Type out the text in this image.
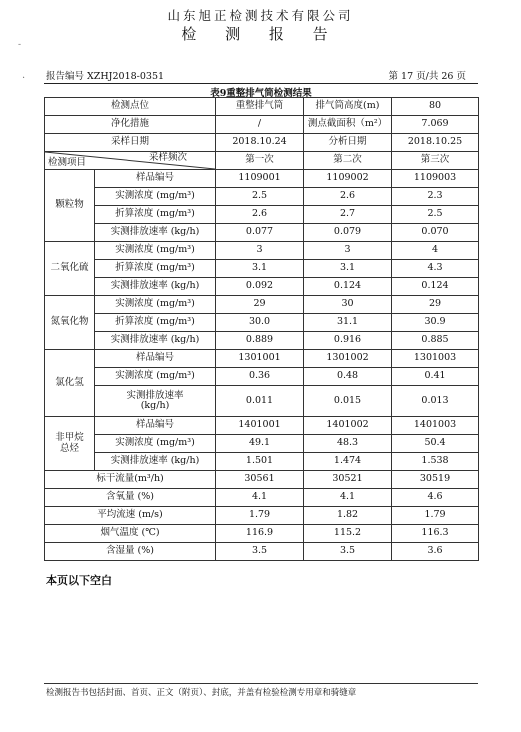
山东旭正检测技术有限公司
检 测 报 告
-
· 报告编号 XZHJ2018-0351	第 17 页/共 26 页
表9重整排气筒检测结果
检测点位		重整排气筒	排气筒高度(m)	80
净化措施		/	测点截面积（m²）	7.069
采样日期		2018.10.24	分析日期	2018.10.25

采样频次
检测项目		第一次	第二次	第三次
颗粒物	样品编号	1109001	1109002	1109003
	实测浓度 (mg/m³)	2.5	2.6	2.3
	折算浓度 (mg/m³)	2.6	2.7	2.5
	实测排放速率 (kg/h)	0.077	0.079	0.070
二氧化硫	实测浓度 (mg/m³)	3	3	4
	折算浓度 (mg/m³)	3.1	3.1	4.3
	实测排放速率 (kg/h)	0.092	0.124	0.124
氮氧化物	实测浓度 (mg/m³)	29	30	29
	折算浓度 (mg/m³)	30.0	31.1	30.9
	实测排放速率 (kg/h)	0.889	0.916	0.885
氯化氢	样品编号	1301001	1301002	1301003
	实测浓度 (mg/m³)	0.36	0.48	0.41
	实测排放速率
(kg/h)	0.011	0.015	0.013
非甲烷
总烃	样品编号	1401001	1401002	1401003
	实测浓度 (mg/m³)	49.1	48.3	50.4
	实测排放速率 (kg/h)	1.501	1.474	1.538
标干流量(m³/h)		30561	30521	30519
含氧量 (%)		4.1	4.1	4.6
平均流速 (m/s)		1.79	1.82	1.79
烟气温度 (℃)		116.9	115.2	116.3
含湿量 (%)		3.5	3.5	3.6
本页以下空白
检测报告书包括封面、首页、正文（附页）、封底，并盖有检验检测专用章和骑缝章
